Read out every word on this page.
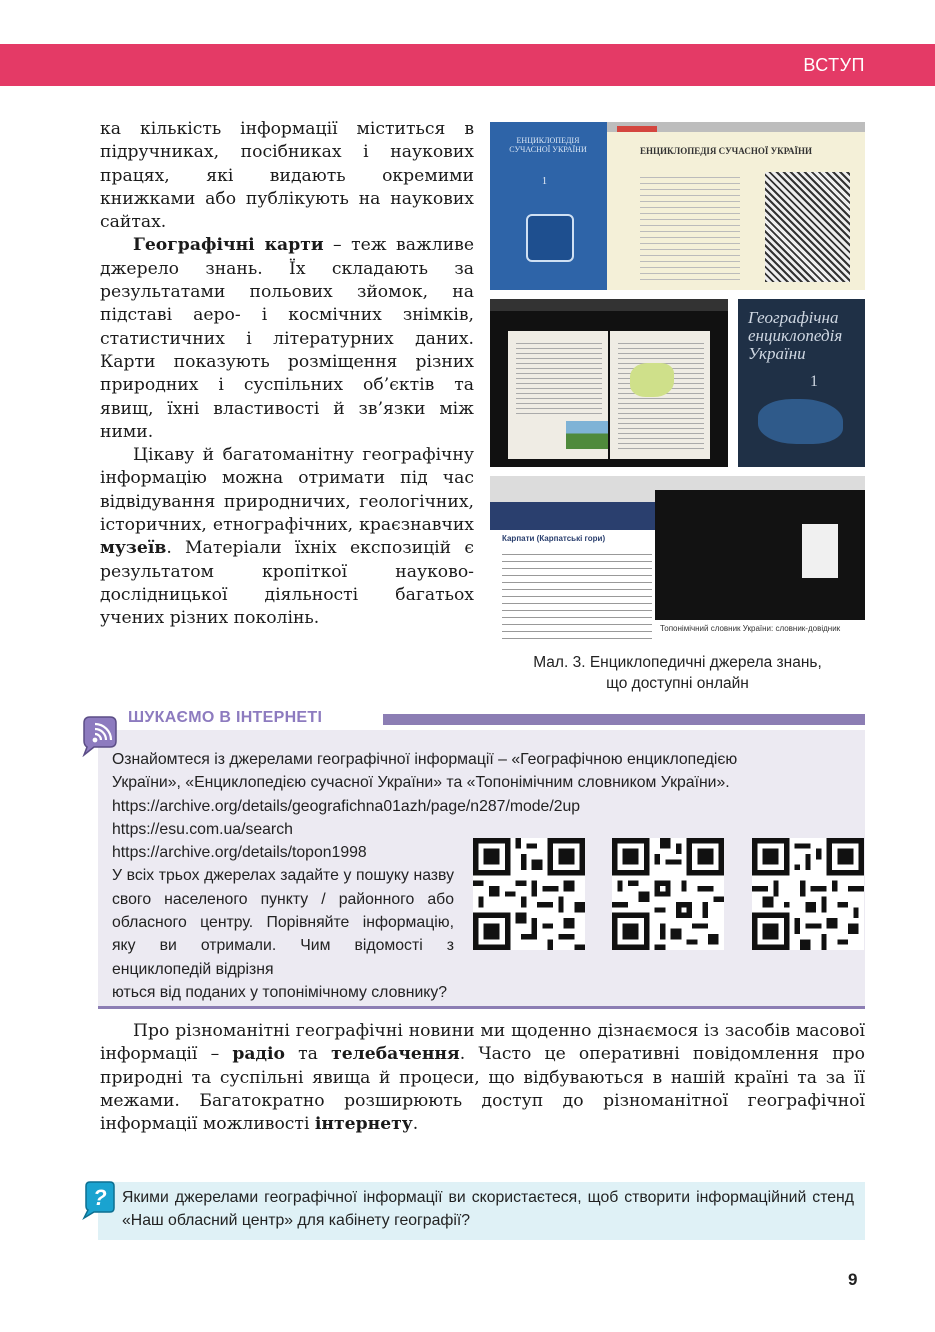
ВСТУП

ка кількість інформації міститься в підручниках, посібниках і наукових працях, які видають окремими книжками або публікують на наукових сайтах.

Географічні карти – теж важливе джерело знань. Їх складають за результатами польових зйомок, на підставі аеро- і космічних знімків, статистичних і літературних даних. Карти показують розміщення різних природних і суспільних об’єктів та явищ, їхні властивості й зв’язки між ними.

Цікаву й багатоманітну географічну інформацію можна отримати під час відвідування природничих, геологічних, історичних, етнографічних, краєзнавчих музеїв. Матеріали їхніх експозицій є результатом кропіткої науково-дослідницької діяльності багатьох учених різних поколінь.

ЕНЦИКЛОПЕДІЯ СУЧАСНОЇ УКРАЇНИ
1
ЕНЦИКЛОПЕДІЯ СУЧАСНОЇ УКРАЇНИ
Географічна енциклопедія України
1
Карпати (Карпатські гори)
Топонімічний словник України: словник-довідник
Мал. 3. Енциклопедичні джерела знань,
що доступні онлайн
ШУКАЄМО В ІНТЕРНЕТІ
Ознайомтеся із джерелами географічної інформації – «Географічною енциклопедією
України», «Енциклопедією сучасної України» та «Топонімічним словником України».
https://archive.org/details/geografichna01azh/page/n287/mode/2up
https://esu.com.ua/search
https://archive.org/details/topon1998
У всіх трьох джерелах задайте у пошуку назву свого населеного пункту / районного або обласного центру. Порівняйте інформацію, яку ви отримали. Чим відомості з енциклопедій відрізня
ються від поданих у топонімічному словнику?

Про різноманітні географічні новини ми щоденно дізнаємося із засобів масової інформації – радіо та телебачення. Часто це оперативні повідомлення про природні та суспільні явища й процеси, що відбуваються в нашій країні та за її межами. Багатократно розширюють доступ до різноманітної географічної інформації можливості інтернету.

? Якими джерелами географічної інформації ви скористаєтеся, щоб створити інформаційний стенд «Наш обласний центр» для кабінету географії?
9
